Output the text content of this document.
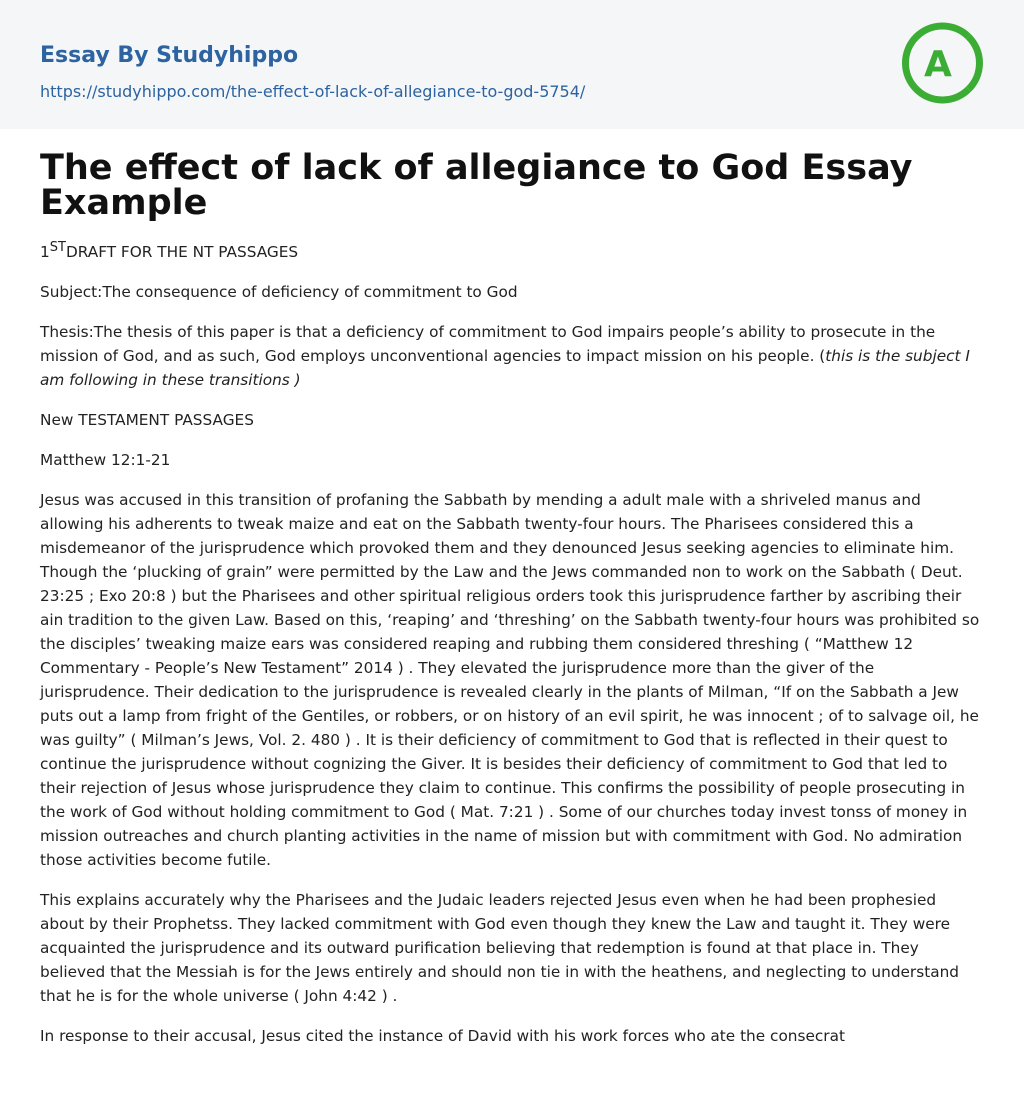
Essay By Studyhippo
https://studyhippo.com/the-effect-of-lack-of-allegiance-to-god-5754/
A
The effect of lack of allegiance to God Essay Example

1STDRAFT FOR THE NT PASSAGES

Subject:The consequence of deficiency of commitment to God

Thesis:The thesis of this paper is that a deficiency of commitment to God impairs people’s ability to prosecute in the mission of God, and as such, God employs unconventional agencies to impact mission on his people. (this is the subject I am following in these transitions )

New TESTAMENT PASSAGES

Matthew 12:1-21

Jesus was accused in this transition of profaning the Sabbath by mending a adult male with a shriveled manus and allowing his adherents to tweak maize and eat on the Sabbath twenty-four hours. The Pharisees considered this a misdemeanor of the jurisprudence which provoked them and they denounced Jesus seeking agencies to eliminate him. Though the ‘plucking of grain” were permitted by the Law and the Jews commanded non to work on the Sabbath ( Deut. 23:25 ; Exo 20:8 ) but the Pharisees and other spiritual religious orders took this jurisprudence farther by ascribing their ain tradition to the given Law. Based on this, ‘reaping’ and ‘threshing’ on the Sabbath twenty-four hours was prohibited so the disciples’ tweaking maize ears was considered reaping and rubbing them considered threshing ( “Matthew 12 Commentary - People’s New Testament” 2014 ) . They elevated the jurisprudence more than the giver of the jurisprudence. Their dedication to the jurisprudence is revealed clearly in the plants of Milman, “If on the Sabbath a Jew puts out a lamp from fright of the Gentiles, or robbers, or on history of an evil spirit, he was innocent ; of to salvage oil, he was guilty” ( Milman’s Jews, Vol. 2. 480 ) . It is their deficiency of commitment to God that is reflected in their quest to continue the jurisprudence without cognizing the Giver. It is besides their deficiency of commitment to God that led to their rejection of Jesus whose jurisprudence they claim to continue. This confirms the possibility of people prosecuting in the work of God without holding commitment to God ( Mat. 7:21 ) . Some of our churches today invest tonss of money in mission outreaches and church planting activities in the name of mission but with commitment with God. No admiration those activities become futile.

This explains accurately why the Pharisees and the Judaic leaders rejected Jesus even when he had been prophesied about by their Prophetss. They lacked commitment with God even though they knew the Law and taught it. They were acquainted the jurisprudence and its outward purification believing that redemption is found at that place in. They believed that the Messiah is for the Jews entirely and should non tie in with the heathens, and neglecting to understand that he is for the whole universe ( John 4:42 ) .

In response to their accusal, Jesus cited the instance of David with his work forces who ate the consecrat
